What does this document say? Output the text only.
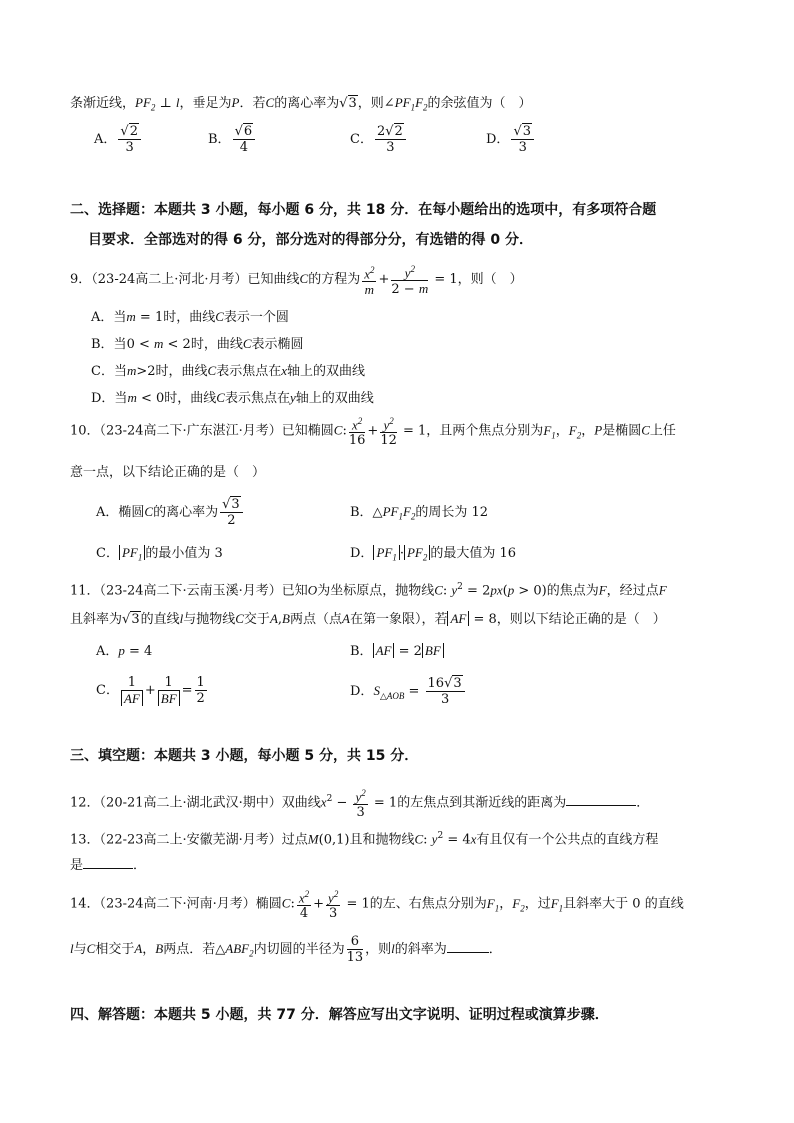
条渐近线，$PF_2$ ⊥ l，垂足为P．若C的离心率为√3，则$\angle PF_1F_2$的余弦值为（　）
A． $\frac{√2}{3}$	B． $\frac{√6}{4}$	C． $\frac{2√2}{3}$	D． $\frac{√3}{3}$
二、选择题：本题共 3 小题，每小题 6 分，共 18 分．在每小题给出的选项中，有多项符合题
目要求．全部选对的得 6 分，部分选对的得部分分，有选错的得 0 分．
9．（23-24高二上·河北·月考）已知曲线C的方程为 $\frac{x^2}{m} + \frac{y^2}{2 - m} = 1$，则（　）
A．当m = 1时，曲线C表示一个圆
B．当0 < m < 2时，曲线C表示椭圆
C．当m>2时，曲线C表示焦点在x轴上的双曲线
D．当m < 0时，曲线C表示焦点在y轴上的双曲线
10．（23-24高二下·广东湛江·月考）已知椭圆C: $\frac{x^2}{16} + \frac{y^2}{12} = 1$，且两个焦点分别为$F_1$，$F_2$，P是椭圆C上任
意一点，以下结论正确的是（　）
A．椭圆C的离心率为 $\frac{√3}{2}$	B．$\triangle PF_1F_2$的周长为 12
C． $PF_1$ 的最小值为 3	D． $PF_1 \cdot PF_2$ 的最大值为 16
11．（23-24高二下·云南玉溪·月考）已知O为坐标原点，抛物线C: $y^2 = 2px(p > 0)$的焦点为F，经过点F
且斜率为√3的直线l与抛物线C交于A,B两点（点A在第一象限），若 AF = 8，则以下结论正确的是（　）
A．p = 4	B． AF = 2 BF
C． $\frac{1}{AF} + \frac{1}{BF} = \frac{1}{2}$	D．$S_{\triangle AOB} = \frac{16√3}{3}$
三、填空题：本题共 3 小题，每小题 5 分，共 15 分．
12．（20-21高二上·湖北武汉·期中）双曲线$x^2 - \frac{y^2}{3} = 1$的左焦点到其渐近线的距离为	．
13．（22-23高二上·安徽芜湖·月考）过点M(0,1)且和抛物线C: $y^2 = 4x$有且仅有一个公共点的直线方程
是	．
14．（23-24高二下·河南·月考）椭圆C: $\frac{x^2}{4} + \frac{y^2}{3} = 1$的左、右焦点分别为$F_1$，$F_2$，过$F_1$且斜率大于 0 的直线
l与C相交于A，B两点．若$\triangle ABF_2$内切圆的半径为 $\frac{6}{13}$ ，则l的斜率为	．
四、解答题：本题共 5 小题，共 77 分．解答应写出文字说明、证明过程或演算步骤．
